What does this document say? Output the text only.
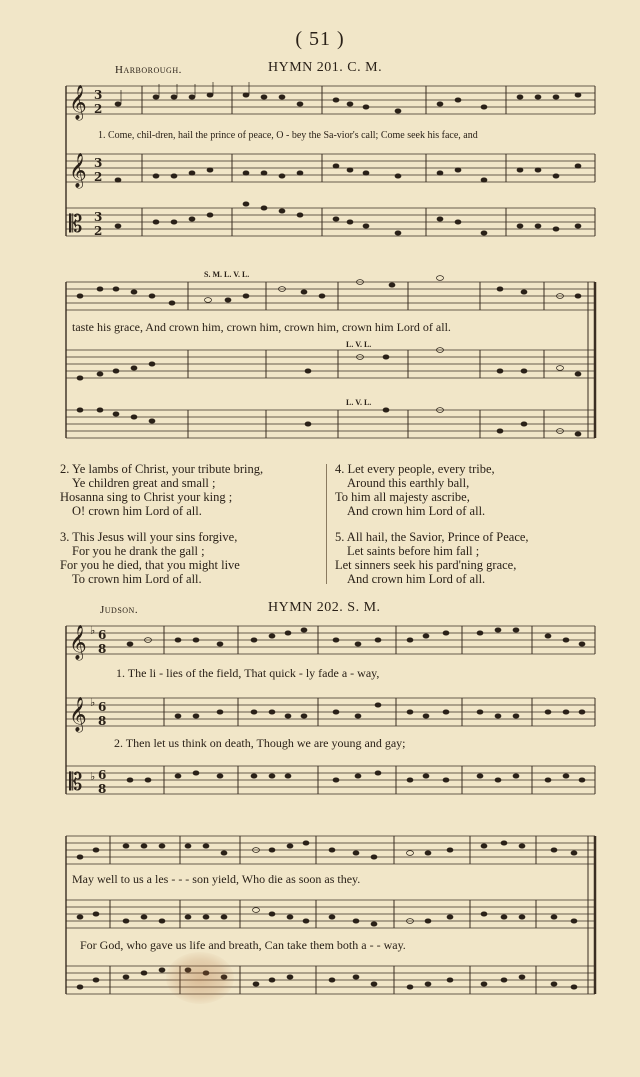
( 51 )
Harborough.	HYMN 201. C. M.
𝄞
𝄞
𝄡
3
2
3
2
3
2
1. Come, chil-dren, hail the prince of peace, O - bey the Sa-vior's call; Come seek his face, and
S. M. L. V. L.
L. V. L.
L. V. L.
taste his grace, And crown him, crown him, crown him, crown him Lord of all.
2. Ye lambs of Christ, your tribute bring,
Ye children great and small ;
Hosanna sing to Christ your king ;
O! crown him Lord of all.
3. This Jesus will your sins forgive,
For you he drank the gall ;
For you he died, that you might live
To crown him Lord of all.
4. Let every people, every tribe,
Around this earthly ball,
To him all majesty ascribe,
And crown him Lord of all.
5. All hail, the Savior, Prince of Peace,
Let saints before him fall ;
Let sinners seek his pard'ning grace,
And crown him Lord of all.
Judson.	HYMN 202. S. M.
𝄞
𝄞
𝄡
♭
♭
♭
6
8
6
8
6
8
1. The li - lies of the field, That quick - ly fade a - way,
2. Then let us think on death, Though we are young and gay;
May well to us a les - - - son yield, Who die as soon as they.
For God, who gave us life and breath, Can take them both a - - way.
